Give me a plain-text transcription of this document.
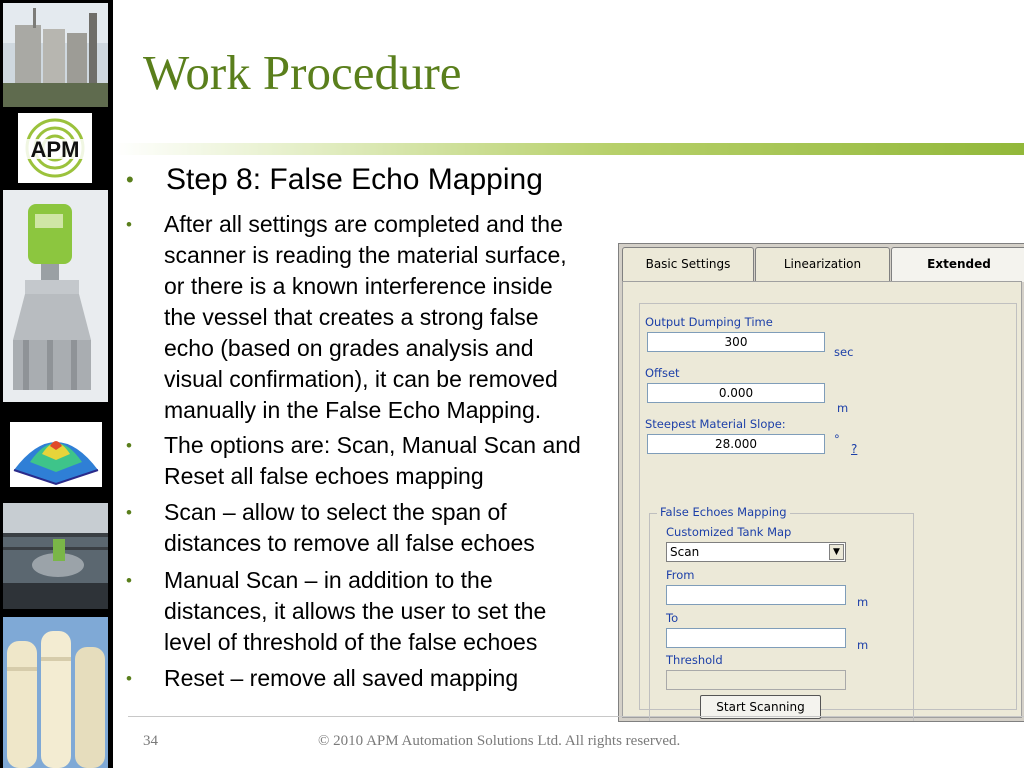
APM
Work Procedure
• Step 8: False Echo Mapping
• After all settings are completed and the
scanner is reading the material surface,
or there is a known interference inside
the vessel that creates a strong false
echo (based on grades analysis and
visual confirmation), it can be removed
manually in the False Echo Mapping.
• The options are: Scan, Manual Scan and
Reset all false echoes mapping
• Scan – allow to select the span of
distances to remove all false echoes
• Manual Scan – in addition to the
distances, it allows the user to set the
level of threshold of the false echoes
• Reset – remove all saved mapping
Basic Settings	Linearization	Extended
Output Dumping Time
300
sec
Offset
0.000
m
Steepest Material Slope:
28.000	°
?
False Echoes Mapping
Customized Tank Map
Scan	▼
From
m
To
m
Threshold
Start Scanning
34	© 2010 APM Automation Solutions Ltd. All rights reserved.
